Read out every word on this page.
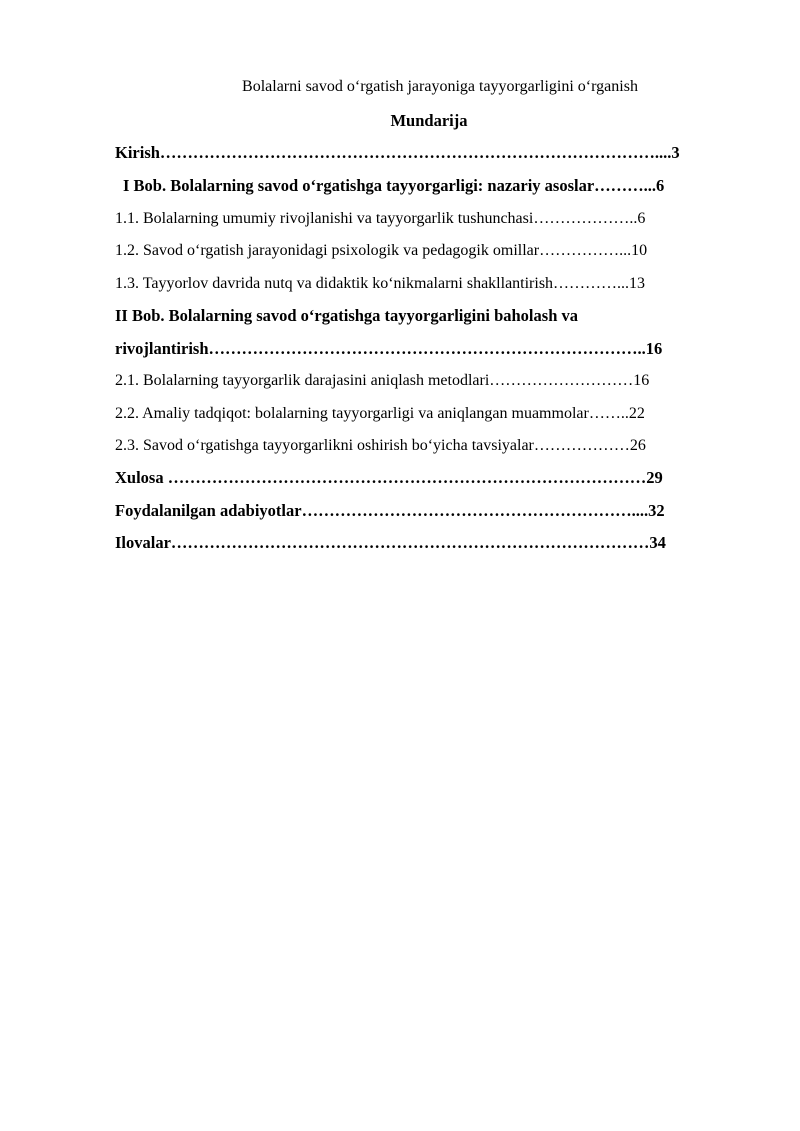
Bolalarni savod o‘rgatish jarayoniga tayyorgarligini o‘rganish
Mundarija
Kirish………………………………………………………………………………....3
I Bob. Bolalarning savod o‘rgatishga tayyorgarligi: nazariy asoslar………...6
1.1. Bolalarning umumiy rivojlanishi va tayyorgarlik tushunchasi………………..6
1.2. Savod o‘rgatish jarayonidagi psixologik va pedagogik omillar……………...10
1.3. Tayyorlov davrida nutq va didaktik ko‘nikmalarni shakllantirish…………...13
II Bob. Bolalarning savod o‘rgatishga tayyorgarligini baholash va
rivojlantirish……………………………………………………………………..16
2.1. Bolalarning tayyorgarlik darajasini aniqlash metodlari………………………16
2.2. Amaliy tadqiqot: bolalarning tayyorgarligi va aniqlangan muammolar……..22
2.3. Savod o‘rgatishga tayyorgarlikni oshirish bo‘yicha tavsiyalar………………26
Xulosa ……………………………………………………………………………29
Foydalanilgan adabiyotlar……………………………………………………....32
Ilovalar……………………………………………………………………………34
